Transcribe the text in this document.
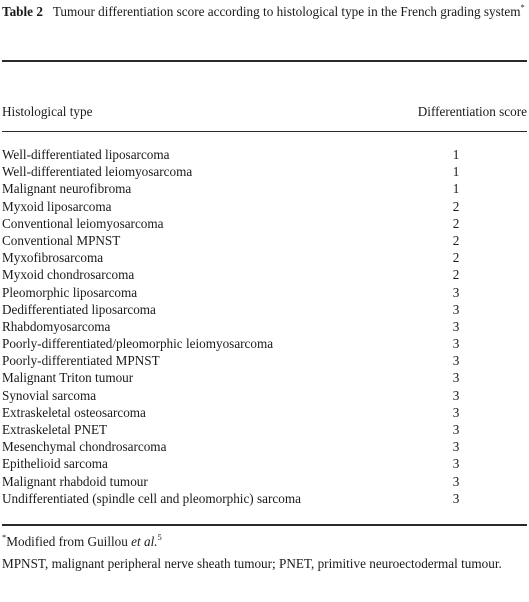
Table 2 Tumour differentiation score according to histological type in the French grading system*
Histological type	Differentiation score
Well-differentiated liposarcoma	1
Well-differentiated leiomyosarcoma	1
Malignant neurofibroma	1
Myxoid liposarcoma	2
Conventional leiomyosarcoma	2
Conventional MPNST	2
Myxofibrosarcoma	2
Myxoid chondrosarcoma	2
Pleomorphic liposarcoma	3
Dedifferentiated liposarcoma	3
Rhabdomyosarcoma	3
Poorly-differentiated/pleomorphic leiomyosarcoma	3
Poorly-differentiated MPNST	3
Malignant Triton tumour	3
Synovial sarcoma	3
Extraskeletal osteosarcoma	3
Extraskeletal PNET	3
Mesenchymal chondrosarcoma	3
Epithelioid sarcoma	3
Malignant rhabdoid tumour	3
Undifferentiated (spindle cell and pleomorphic) sarcoma	3
*Modified from Guillou et al.$^5$
MPNST, malignant peripheral nerve sheath tumour; PNET, primitive neuroectodermal tumour.
